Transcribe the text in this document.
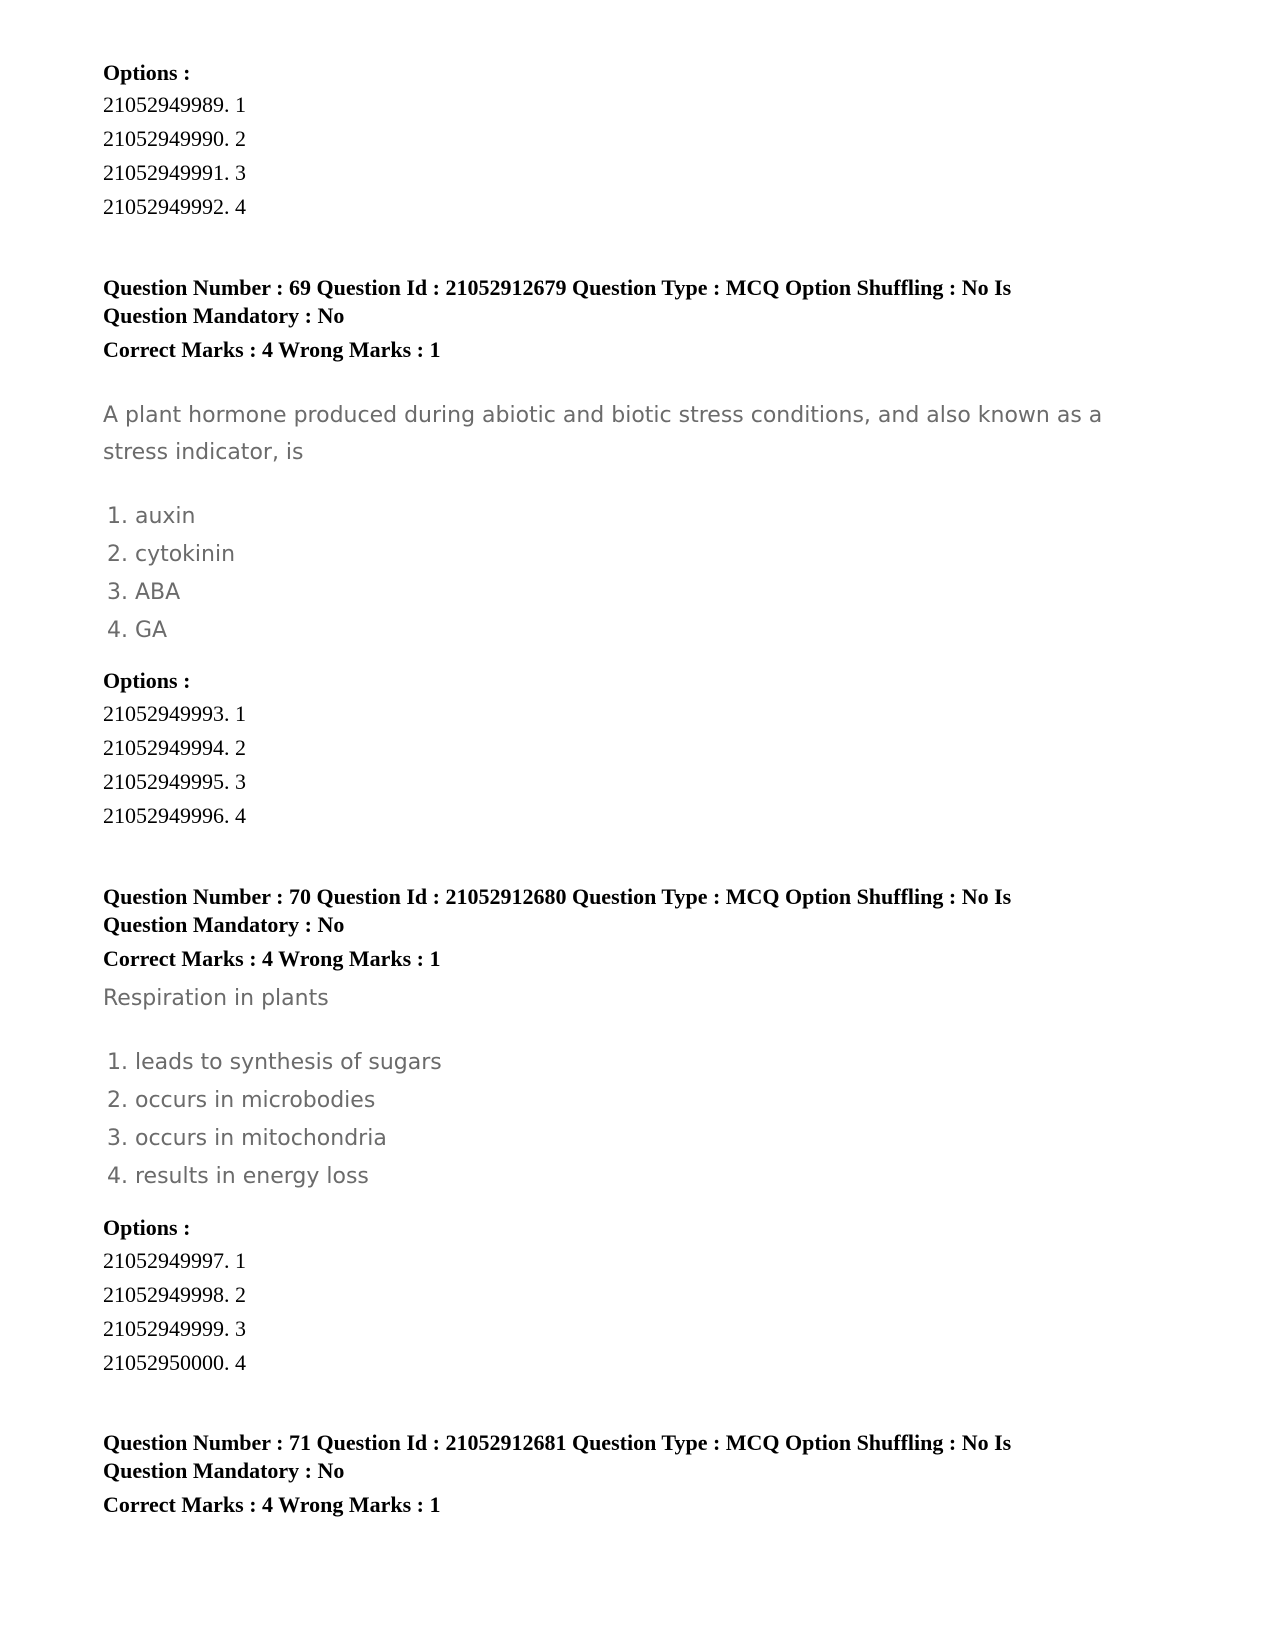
Options :
21052949989. 1
21052949990. 2
21052949991. 3
21052949992. 4
Question Number : 69 Question Id : 21052912679 Question Type : MCQ Option Shuffling : No Is
Question Mandatory : No
Correct Marks : 4 Wrong Marks : 1
A plant hormone produced during abiotic and biotic stress conditions, and also known as a
stress indicator, is
1. auxin
2. cytokinin
3. ABA
4. GA
Options :
21052949993. 1
21052949994. 2
21052949995. 3
21052949996. 4
Question Number : 70 Question Id : 21052912680 Question Type : MCQ Option Shuffling : No Is
Question Mandatory : No
Correct Marks : 4 Wrong Marks : 1
Respiration in plants
1. leads to synthesis of sugars
2. occurs in microbodies
3. occurs in mitochondria
4. results in energy loss
Options :
21052949997. 1
21052949998. 2
21052949999. 3
21052950000. 4
Question Number : 71 Question Id : 21052912681 Question Type : MCQ Option Shuffling : No Is
Question Mandatory : No
Correct Marks : 4 Wrong Marks : 1
